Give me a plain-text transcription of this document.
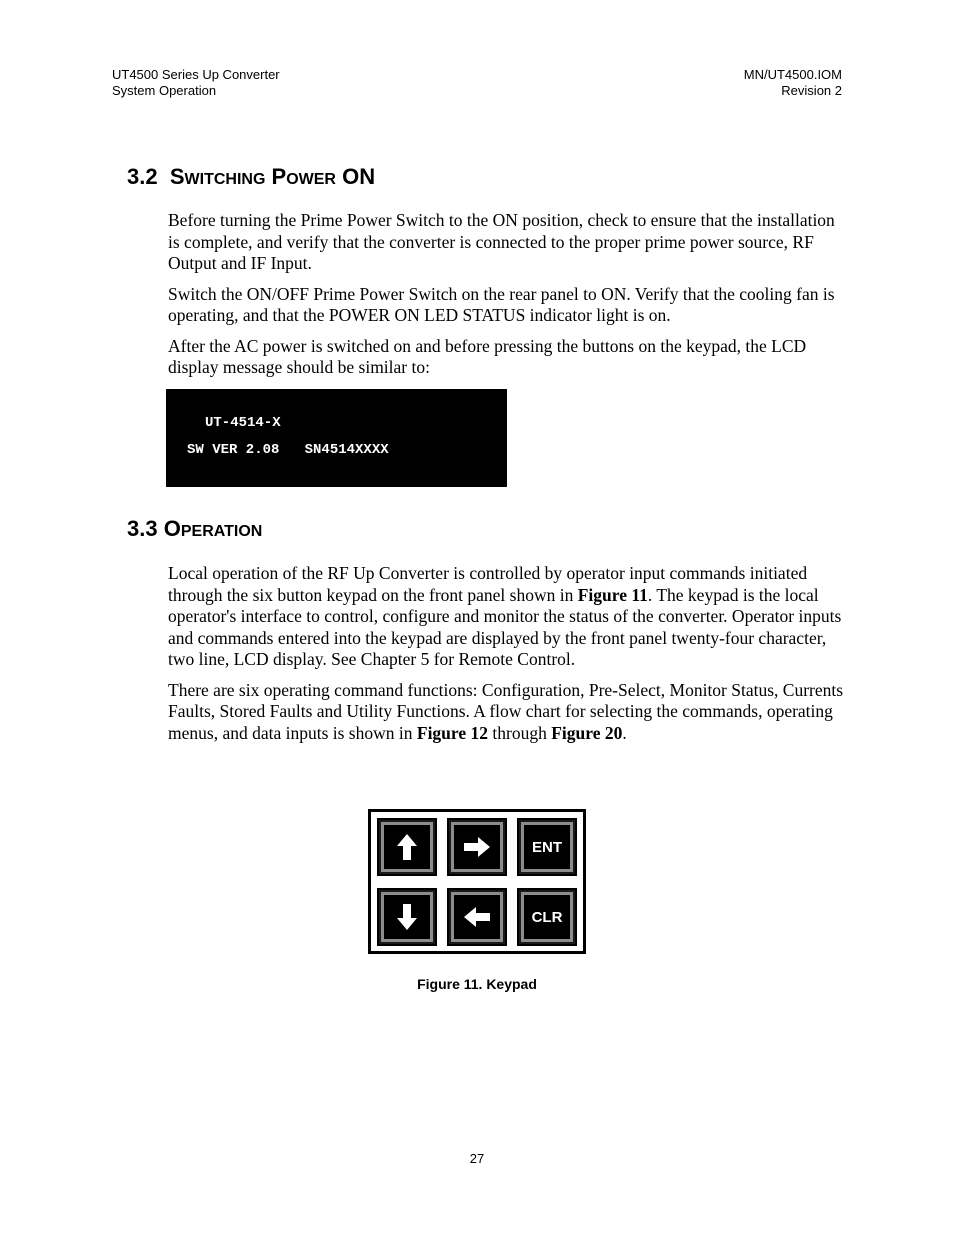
UT4500 Series Up Converter
System Operation
MN/UT4500.IOM
Revision 2
3.2 SWITCHING POWER ON

Before turning the Prime Power Switch to the ON position, check to ensure that the installation is complete, and verify that the converter is connected to the proper prime power source, RF Output and IF Input.

Switch the ON/OFF Prime Power Switch on the rear panel to ON. Verify that the cooling fan is operating, and that the POWER ON LED STATUS indicator light is on.

After the AC power is switched on and before pressing the buttons on the keypad, the LCD display message should be similar to:

UT-4514-X

SW VER 2.08   SN4514XXXX

3.3 OPERATION

Local operation of the RF Up Converter is controlled by operator input commands initiated through the six button keypad on the front panel shown in Figure 11. The keypad is the local operator's interface to control, configure and monitor the status of the converter. Operator inputs and commands entered into the keypad are displayed by the front panel twenty-four character, two line, LCD display. See Chapter 5 for Remote Control.

There are six operating command functions: Configuration, Pre-Select, Monitor Status, Currents Faults, Stored Faults and Utility Functions. A flow chart for selecting the commands, operating menus, and data inputs is shown in Figure 12 through Figure 20.

ENT
CLR
Figure 11. Keypad
27
